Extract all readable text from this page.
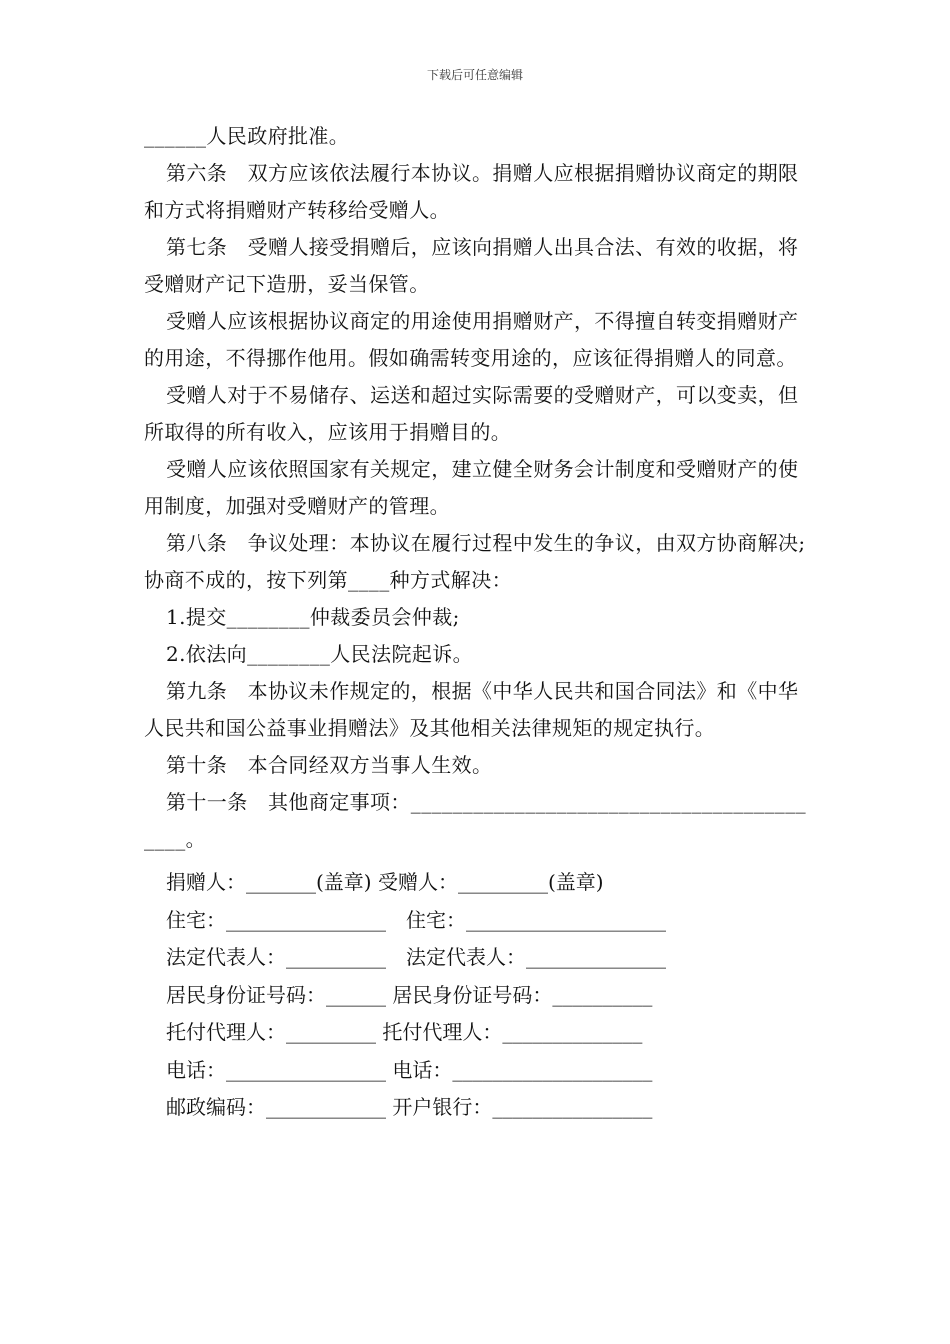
下载后可任意编辑

______人民政府批准。

第六条　双方应该依法履行本协议。捐赠人应根据捐赠协议商定的期限和方式将捐赠财产转移给受赠人。

第七条　受赠人接受捐赠后，应该向捐赠人出具合法、有效的收据，将受赠财产记下造册，妥当保管。

受赠人应该根据协议商定的用途使用捐赠财产，不得擅自转变捐赠财产的用途，不得挪作他用。假如确需转变用途的，应该征得捐赠人的同意。

受赠人对于不易储存、运送和超过实际需要的受赠财产，可以变卖，但所取得的所有收入，应该用于捐赠目的。

受赠人应该依照国家有关规定，建立健全财务会计制度和受赠财产的使用制度，加强对受赠财产的管理。

第八条　争议处理：本协议在履行过程中发生的争议，由双方协商解决;协商不成的，按下列第____种方式解决：

1.提交________仲裁委员会仲裁;

2.依法向________人民法院起诉。

第九条　本协议未作规定的，根据《中华人民共和国合同法》和《中华人民共和国公益事业捐赠法》及其他相关法律规矩的规定执行。

第十条　本合同经双方当事人生效。

第十一条　其他商定事项：__________________________________________。

捐赠人：_______(盖章) 受赠人：_________(盖章)

住宅：________________　住宅：____________________

法定代表人：__________　法定代表人：______________

居民身份证号码：______ 居民身份证号码：__________

托付代理人：_________ 托付代理人：______________

电话：________________ 电话：____________________

邮政编码：____________ 开户银行：________________
